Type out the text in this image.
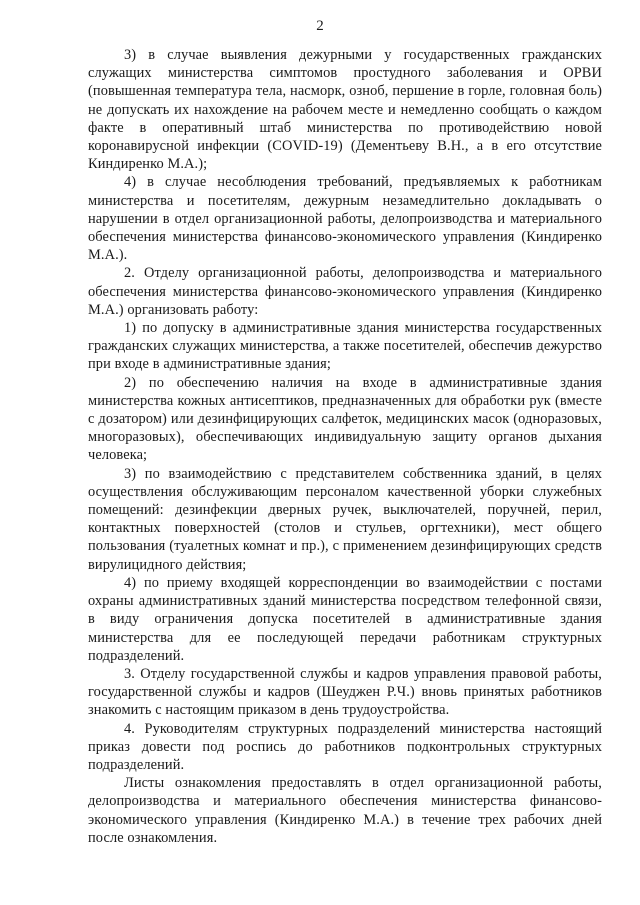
2

3) в случае выявления дежурными у государственных гражданских служащих министерства симптомов простудного заболевания и ОРВИ (повышенная температура тела, насморк, озноб, першение в горле, головная боль) не допускать их нахождение на рабочем месте и немедленно сообщать о каждом факте в оперативный штаб министерства по противодействию новой коронавирусной инфекции (COVID-19) (Дементьеву В.Н., а в его отсутствие Киндиренко М.А.);

4) в случае несоблюдения требований, предъявляемых к работникам министерства и посетителям, дежурным незамедлительно докладывать о нарушении в отдел организационной работы, делопроизводства и материального обеспечения министерства финансово-экономического управления (Киндиренко М.А.).

2. Отделу организационной работы, делопроизводства и материального обеспечения министерства финансово-экономического управления (Киндиренко М.А.) организовать работу:

1) по допуску в административные здания министерства государственных гражданских служащих министерства, а также посетителей, обеспечив дежурство при входе в административные здания;

2) по обеспечению наличия на входе в административные здания министерства кожных антисептиков, предназначенных для обработки рук (вместе с дозатором) или дезинфицирующих салфеток, медицинских масок (одноразовых, многоразовых), обеспечивающих индивидуальную защиту органов дыхания человека;

3) по взаимодействию с представителем собственника зданий, в целях осуществления обслуживающим персоналом качественной уборки служебных помещений: дезинфекции дверных ручек, выключателей, поручней, перил, контактных поверхностей (столов и стульев, оргтехники), мест общего пользования (туалетных комнат и пр.), с применением дезинфицирующих средств вирулицидного действия;

4) по приему входящей корреспонденции во взаимодействии с постами охраны административных зданий министерства посредством телефонной связи, в виду ограничения допуска посетителей в административные здания министерства для ее последующей передачи работникам структурных подразделений.

3. Отделу государственной службы и кадров управления правовой работы, государственной службы и кадров (Шеуджен Р.Ч.) вновь принятых работников знакомить с настоящим приказом в день трудоустройства.

4. Руководителям структурных подразделений министерства настоящий приказ довести под роспись до работников подконтрольных структурных подразделений.

Листы ознакомления предоставлять в отдел организационной работы, делопроизводства и материального обеспечения министерства финансово-экономического управления (Киндиренко М.А.) в течение трех рабочих дней после ознакомления.
